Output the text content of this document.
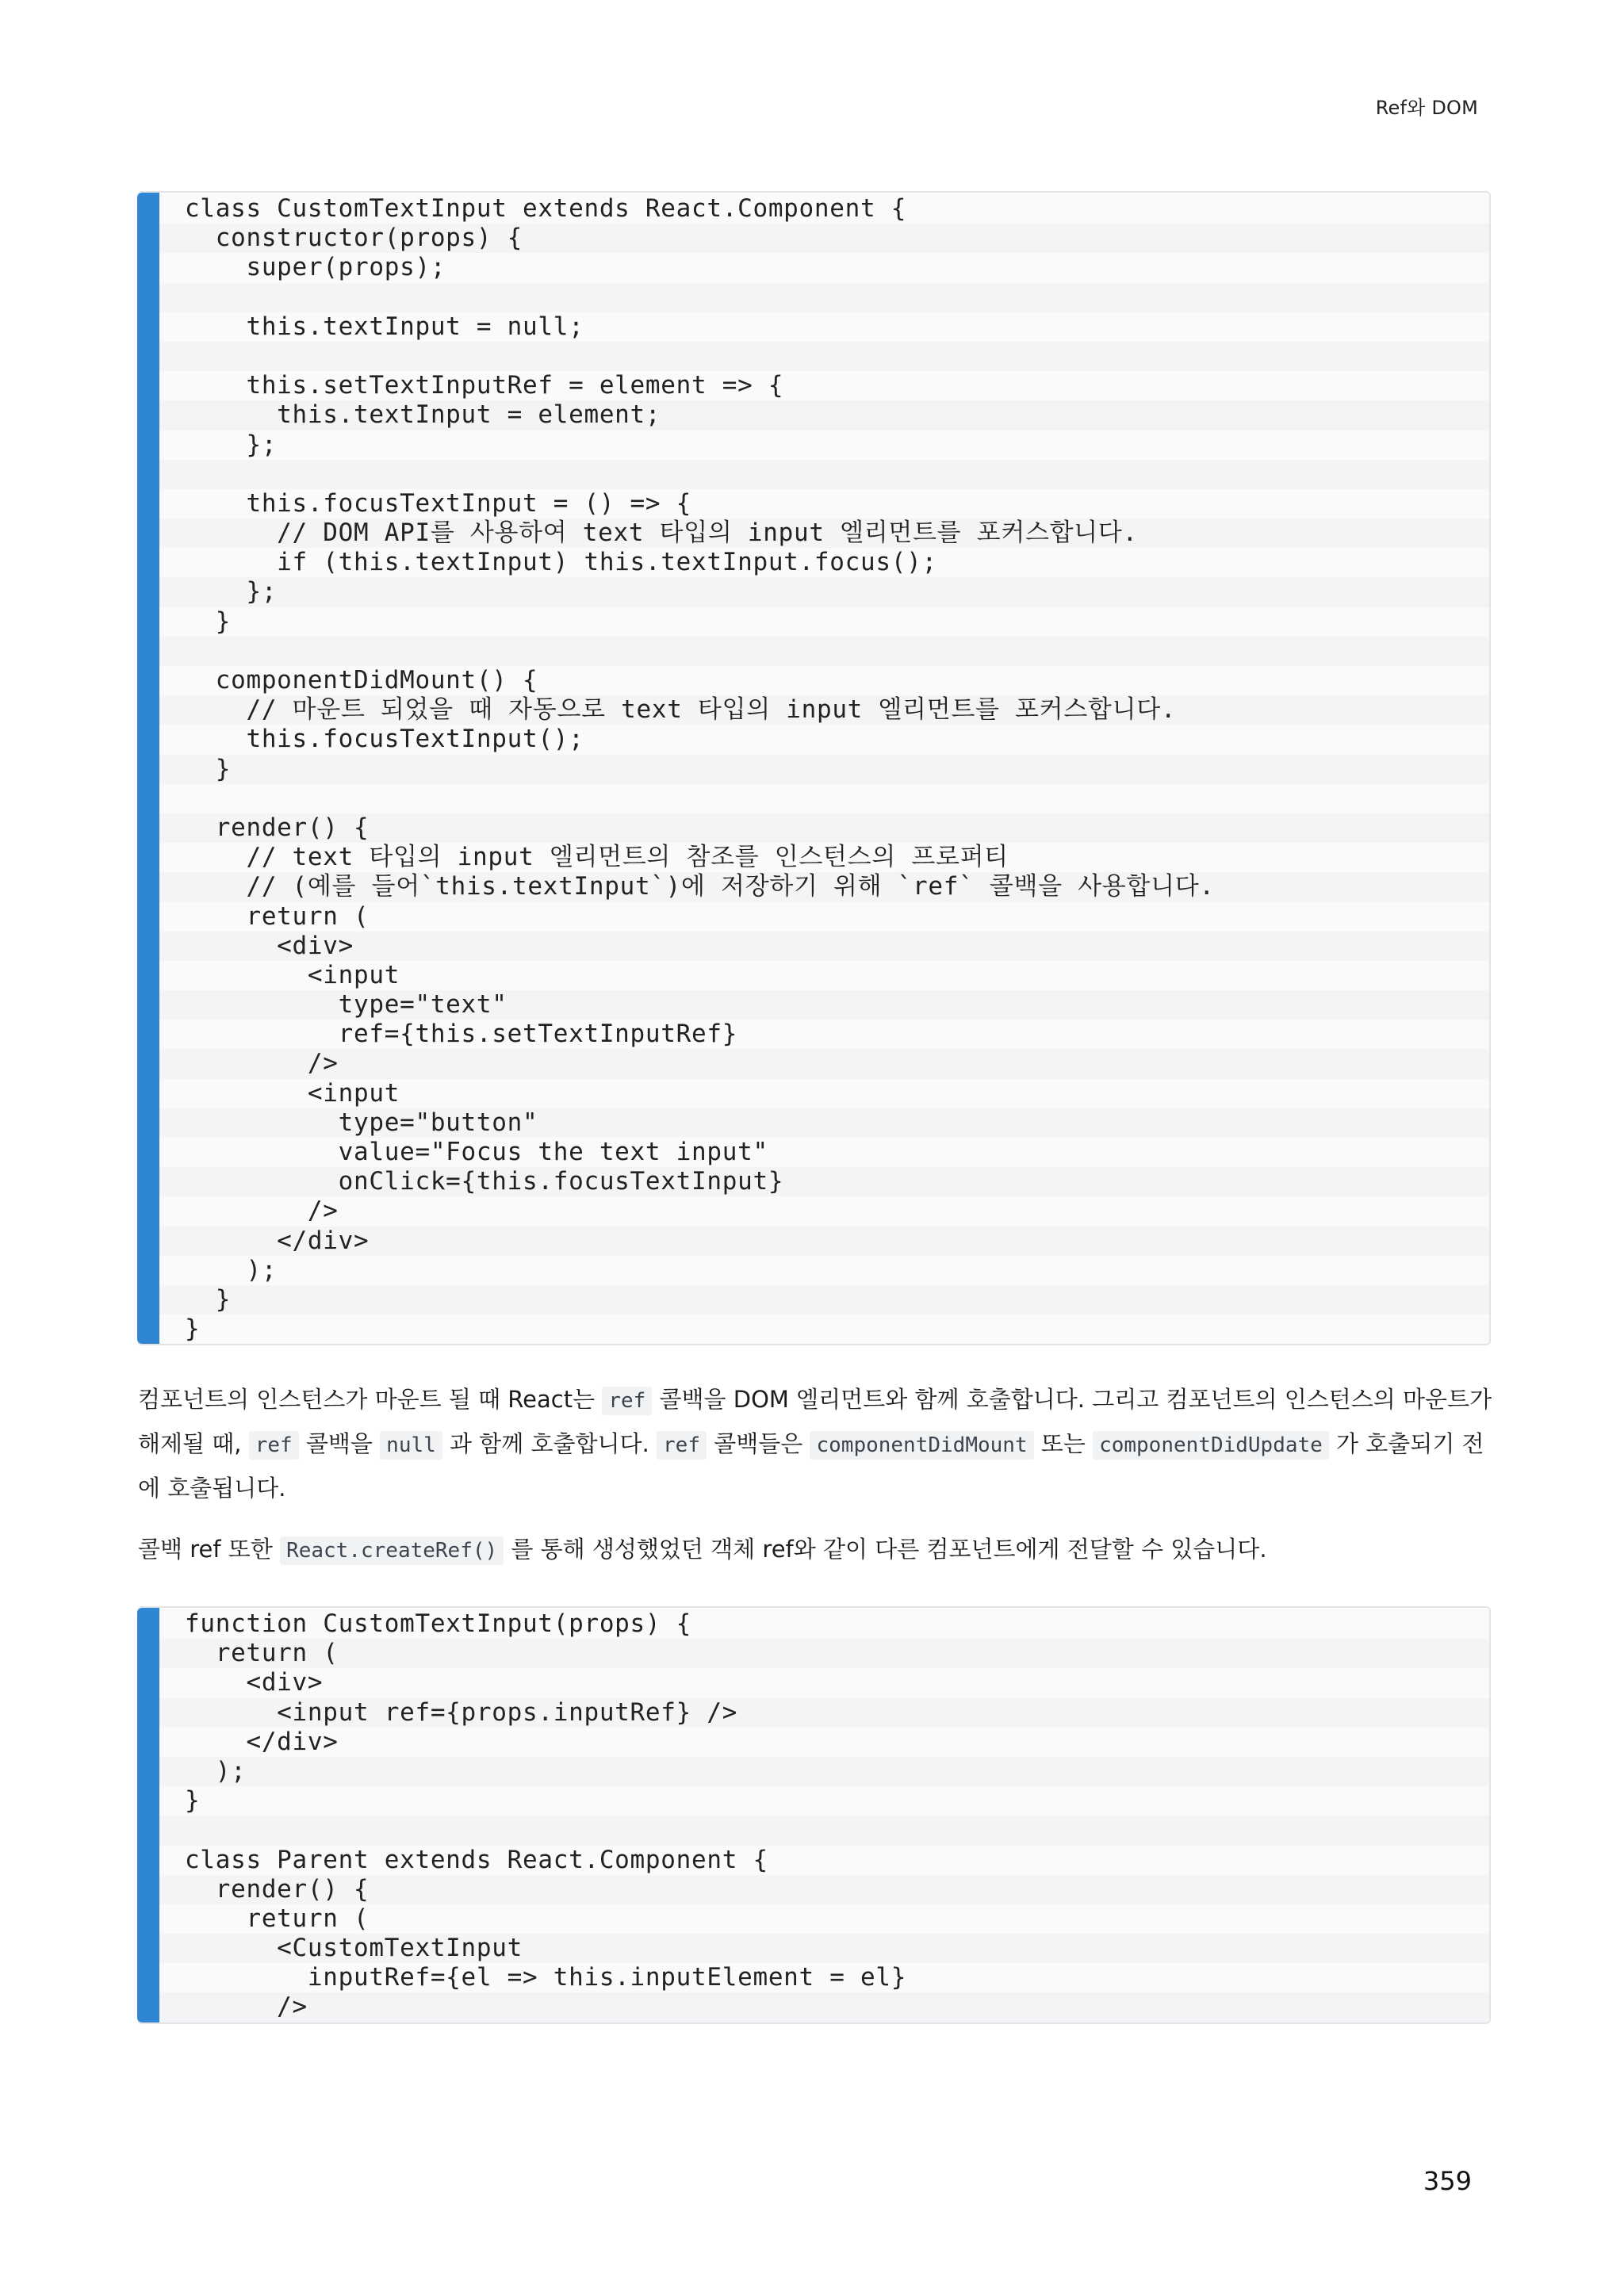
Ref와 DOM
class CustomTextInput extends React.Component {
constructor(props) {
super(props);
this.textInput = null;
this.setTextInputRef = element => {
this.textInput = element;
};
this.focusTextInput = () => {
// DOM API를 사용하여 text 타입의 input 엘리먼트를 포커스합니다.
if (this.textInput) this.textInput.focus();
};
}
componentDidMount() {
// 마운트 되었을 때 자동으로 text 타입의 input 엘리먼트를 포커스합니다.
this.focusTextInput();
}
render() {
// text 타입의 input 엘리먼트의 참조를 인스턴스의 프로퍼티
// (예를 들어`this.textInput`)에 저장하기 위해 `ref` 콜백을 사용합니다.
return (
<div>
<input
type="text"
ref={this.setTextInputRef}
/>
<input
type="button"
value="Focus the text input"
onClick={this.focusTextInput}
/>
</div>
);
}
}

컴포넌트의 인스턴스가 마운트 될 때 React는 ref 콜백을 DOM 엘리먼트와 함께 호출합니다. 그리고 컴포넌트의 인스턴스의 마운트가 해제될 때, ref 콜백을 null 과 함께 호출합니다. ref 콜백들은 componentDidMount 또는 componentDidUpdate 가 호출되기 전에 호출됩니다.

콜백 ref 또한 React.createRef() 를 통해 생성했었던 객체 ref와 같이 다른 컴포넌트에게 전달할 수 있습니다.

function CustomTextInput(props) {
return (
<div>
<input ref={props.inputRef} />
</div>
);
}
class Parent extends React.Component {
render() {
return (
<CustomTextInput
inputRef={el => this.inputElement = el}
/>
359
